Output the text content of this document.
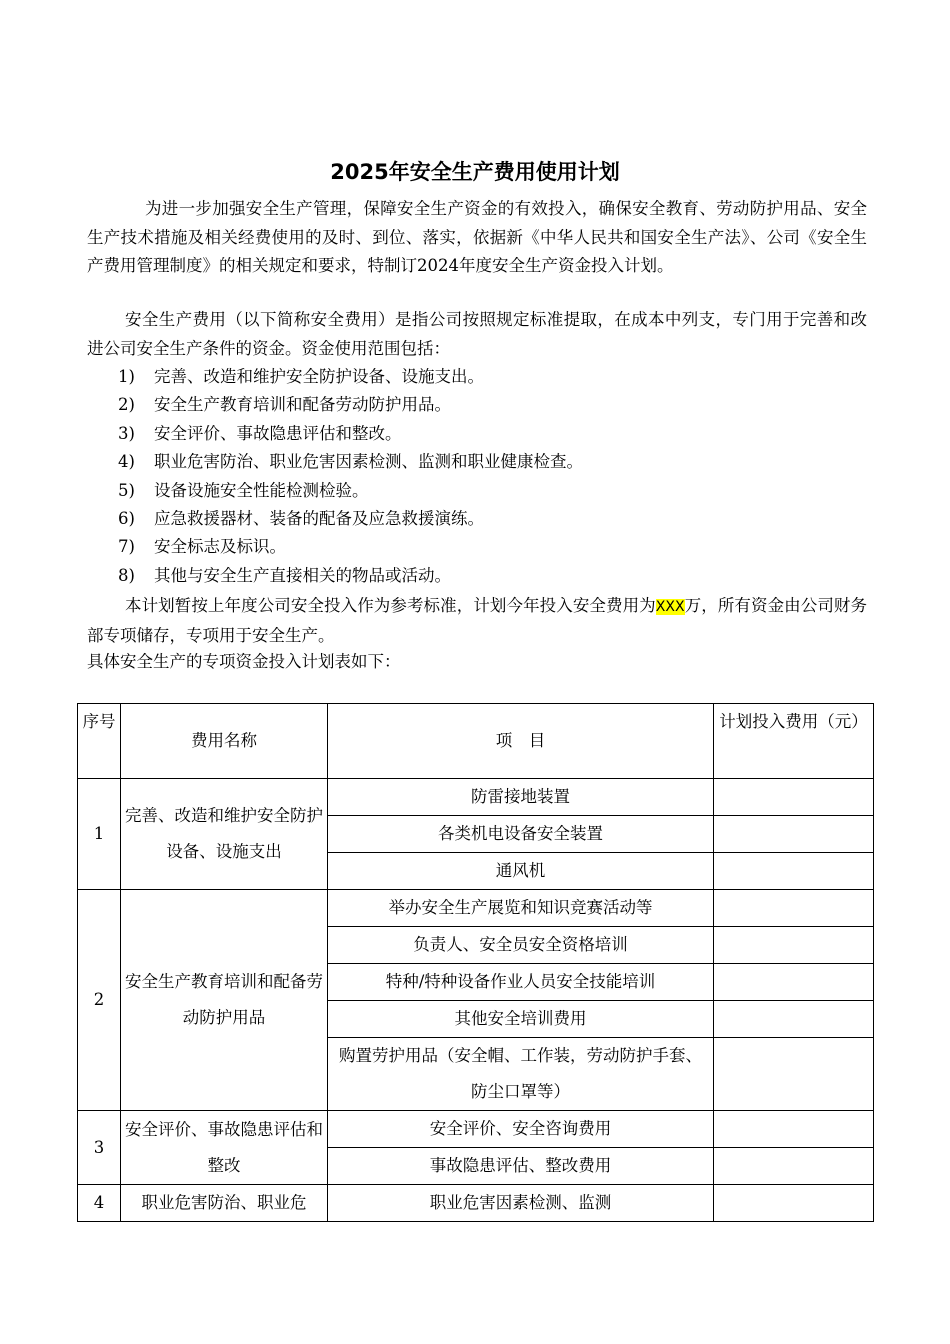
2025年安全生产费用使用计划
为进一步加强安全生产管理，保障安全生产资金的有效投入，确保安全教育、劳动防护用品、安全生产技术措施及相关经费使用的及时、到位、落实，依据新《中华人民共和国安全生产法》、公司《安全生产费用管理制度》的相关规定和要求，特制订2024年度安全生产资金投入计划。
安全生产费用（以下简称安全费用）是指公司按照规定标准提取，在成本中列支，专门用于完善和改进公司安全生产条件的资金。资金使用范围包括：
1) 完善、改造和维护安全防护设备、设施支出。
2) 安全生产教育培训和配备劳动防护用品。
3) 安全评价、事故隐患评估和整改。
4) 职业危害防治、职业危害因素检测、监测和职业健康检查。
5) 设备设施安全性能检测检验。
6) 应急救援器材、装备的配备及应急救援演练。
7) 安全标志及标识。
8) 其他与安全生产直接相关的物品或活动。
本计划暂按上年度公司安全投入作为参考标准，计划今年投入安全费用为XXX万，所有资金由公司财务部专项储存，专项用于安全生产。
具体安全生产的专项资金投入计划表如下：
序号	费用名称	项　目	计划投入费用（元）
1	完善、改造和维护安全防护设备、设施支出	防雷接地装置	
		各类机电设备安全装置	
		通风机	
2	安全生产教育培训和配备劳动防护用品	举办安全生产展览和知识竞赛活动等	
		负责人、安全员安全资格培训	
		特种/特种设备作业人员安全技能培训	
		其他安全培训费用	
		购置劳护用品（安全帽、工作装，劳动防护手套、防尘口罩等）	
3	安全评价、事故隐患评估和整改	安全评价、安全咨询费用	
		事故隐患评估、整改费用	
4	职业危害防治、职业危	职业危害因素检测、监测	
